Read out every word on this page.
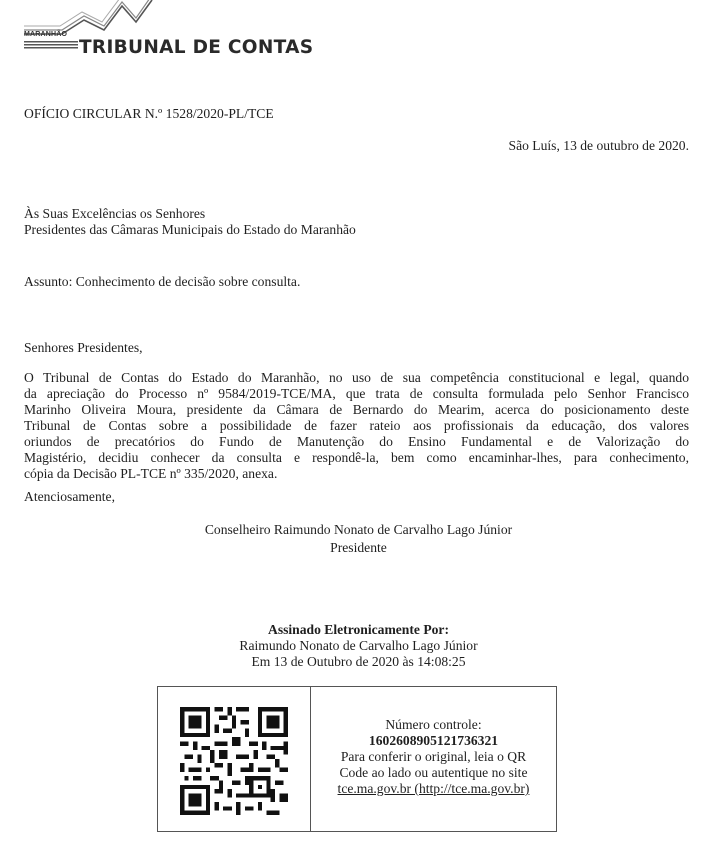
MARANHÃO
TRIBUNAL DE CONTAS
OFÍCIO CIRCULAR N.º 1528/2020-PL/TCE
São Luís, 13 de outubro de 2020.
Às Suas Excelências os Senhores
Presidentes das Câmaras Municipais do Estado do Maranhão
Assunto: Conhecimento de decisão sobre consulta.
Senhores Presidentes,
O Tribunal de Contas do Estado do Maranhão, no uso de sua competência constitucional e legal, quando
da apreciação do Processo nº 9584/2019-TCE/MA, que trata de consulta formulada pelo Senhor Francisco
Marinho Oliveira Moura, presidente da Câmara de Bernardo do Mearim, acerca do posicionamento deste
Tribunal de Contas sobre a possibilidade de fazer rateio aos profissionais da educação, dos valores
oriundos de precatórios do Fundo de Manutenção do Ensino Fundamental e de Valorização do
Magistério, decidiu conhecer da consulta e respondê-la, bem como encaminhar-lhes, para conhecimento,
cópia da Decisão PL-TCE nº 335/2020, anexa.
Atenciosamente,
Conselheiro Raimundo Nonato de Carvalho Lago Júnior
Presidente
Assinado Eletronicamente Por:
Raimundo Nonato de Carvalho Lago Júnior
Em 13 de Outubro de 2020 às 14:08:25
Número controle:
1602608905121736321
Para conferir o original, leia o QR
Code ao lado ou autentique no site
tce.ma.gov.br (http://tce.ma.gov.br)
